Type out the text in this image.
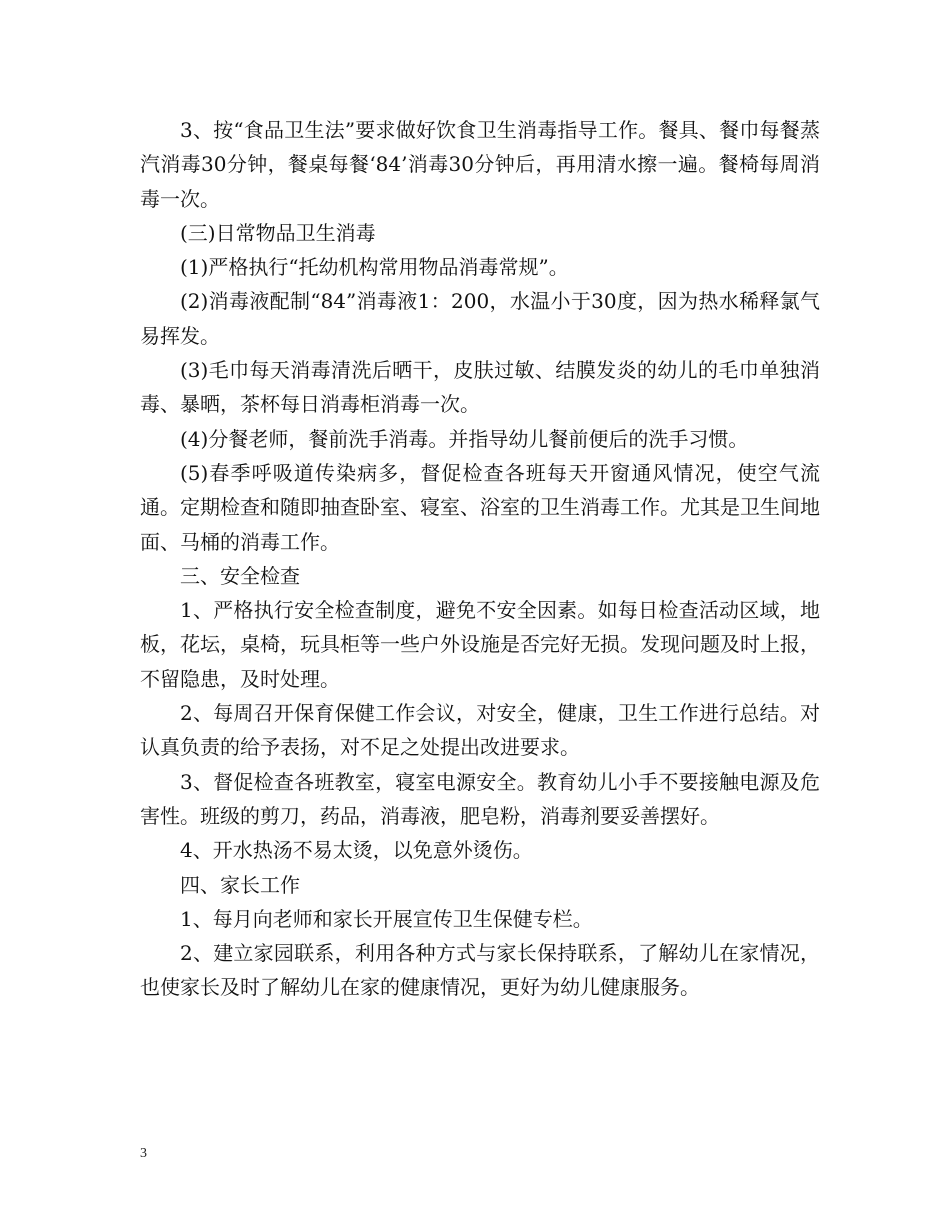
3、按“食品卫生法”要求做好饮食卫生消毒指导工作。餐具、餐巾每餐蒸汽消毒30分钟，餐桌每餐‘84’消毒30分钟后，再用清水擦一遍。餐椅每周消毒一次。

(三)日常物品卫生消毒

(1)严格执行“托幼机构常用物品消毒常规”。

(2)消毒液配制“84”消毒液1：200，水温小于30度，因为热水稀释氯气易挥发。

(3)毛巾每天消毒清洗后晒干，皮肤过敏、结膜发炎的幼儿的毛巾单独消毒、暴晒，茶杯每日消毒柜消毒一次。

(4)分餐老师，餐前洗手消毒。并指导幼儿餐前便后的洗手习惯。

(5)春季呼吸道传染病多，督促检查各班每天开窗通风情况，使空气流通。定期检查和随即抽查卧室、寝室、浴室的卫生消毒工作。尤其是卫生间地面、马桶的消毒工作。

三、安全检查

1、严格执行安全检查制度，避免不安全因素。如每日检查活动区域，地板，花坛，桌椅，玩具柜等一些户外设施是否完好无损。发现问题及时上报，不留隐患，及时处理。

2、每周召开保育保健工作会议，对安全，健康，卫生工作进行总结。对认真负责的给予表扬，对不足之处提出改进要求。

3、督促检查各班教室，寝室电源安全。教育幼儿小手不要接触电源及危害性。班级的剪刀，药品，消毒液，肥皂粉，消毒剂要妥善摆好。

4、开水热汤不易太烫，以免意外烫伤。

四、家长工作

1、每月向老师和家长开展宣传卫生保健专栏。

2、建立家园联系，利用各种方式与家长保持联系，了解幼儿在家情况，也使家长及时了解幼儿在家的健康情况，更好为幼儿健康服务。

3
